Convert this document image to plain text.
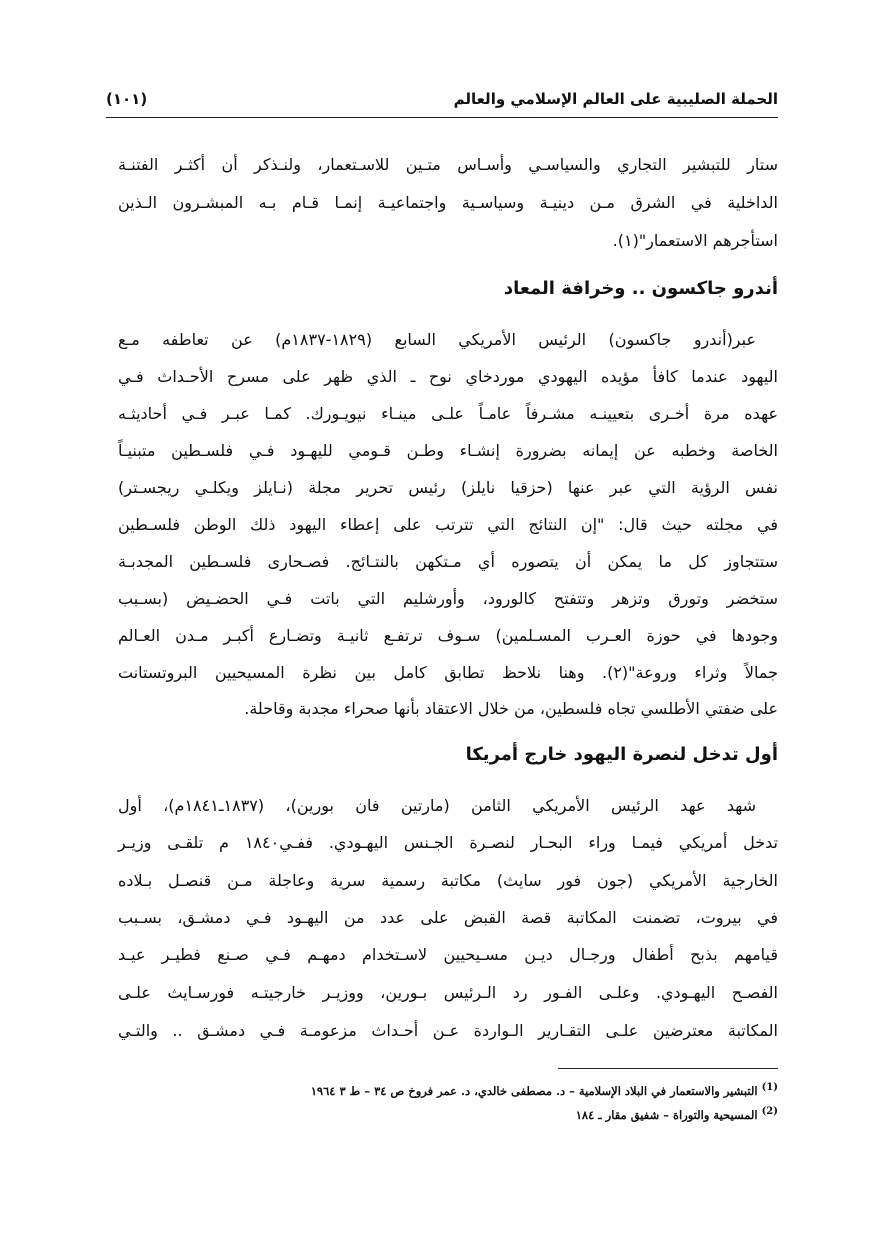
الحملة الصليبية على العالم الإسلامي والعالم
(١٠١)
ستار للتبشير التجاري والسياسـي وأسـاس متـين للاسـتعمار، ولنـذكر أن أكثـر الفتنـة
الداخلية في الشرق مـن دينيـة وسياسـية واجتماعيـة إنمـا قـام بـه المبشـرون الـذين
استأجرهم الاستعمار"(١).
أندرو جاكسون .. وخرافة المعاد
عبر(أندرو جاكسون) الرئيس الأمريكي السابع (١٨٢٩-١٨٣٧م) عن تعاطفه مـع
اليهود عندما كافأ مؤيده اليهودي موردخاي نوح ـ الذي ظهر على مسرح الأحـداث فـي
عهده مرة أخـرى بتعيينـه مشـرفاً عامـاً علـى مينـاء نيويـورك. كمـا عبـر فـي أحاديثـه
الخاصة وخطبه عن إيمانه بضرورة إنشـاء وطـن قـومي لليهـود فـي فلسـطين متبنيـاً
نفس الرؤية التي عبر عنها (حزقيا نايلز) رئيس تحرير مجلة (نـايلز ويكلـي ريجسـتر)
في مجلته حيث قال: "إن النتائج التي تترتب على إعطاء اليهود ذلك الوطن فلسـطين
ستتجاوز كل ما يمكن أن يتصوره أي مـتكهن بالنتـائج. فصـحارى فلسـطين المجدبـة
ستخضر وتورق وتزهر وتتفتح كالورود، وأورشليم التي باتت فـي الحضـيض (بسـبب
وجودها في حوزة العـرب المسـلمين) سـوف ترتفـع ثانيـة وتضـارع أكبـر مـدن العـالم
جمالاً وثراء وروعة"(٢). وهنا نلاحظ تطابق كامل بين نظرة المسيحيين البروتستانت
على ضفتي الأطلسي تجاه فلسطين، من خلال الاعتقاد بأنها صحراء مجدبة وقاحلة.
أول تدخل لنصرة اليهود خارج أمريكا
شهد عهد الرئيس الأمريكي الثامن (مارتين فان بورين)، (١٨٣٧ـ١٨٤١م)، أول
تدخل أمريكي فيمـا وراء البحـار لنصـرة الجـنس اليهـودي. ففـي١٨٤٠ م تلقـى وزيـر
الخارجية الأمريكي (جون فور سايث) مكاتبة رسمية سرية وعاجلة مـن قنصـل بـلاده
في بيروت، تضمنت المكاتبة قصة القبض على عدد من اليهـود فـي دمشـق، بسـبب
قيامهم بذبح أطفال ورجـال ديـن مسـيحيين لاسـتخدام دمهـم فـي صـنع فطيـر عيـد
الفصـح اليهـودي. وعلـى الفـور رد الـرئيس بـورين، ووزيـر خارجيتـه فورسـايث علـى
المكاتبة معترضين علـى التقـارير الـواردة عـن أحـداث مزعومـة فـي دمشـق .. والتـي
$^{(1)}$ التبشير والاستعمار في البلاد الإسلامية – د. مصطفى خالدي، د. عمر فروخ ص ٣٤ – ط ٣ ١٩٦٤
$^{(2)}$ المسيحية والتوراة – شفيق مقار ـ ١٨٤
